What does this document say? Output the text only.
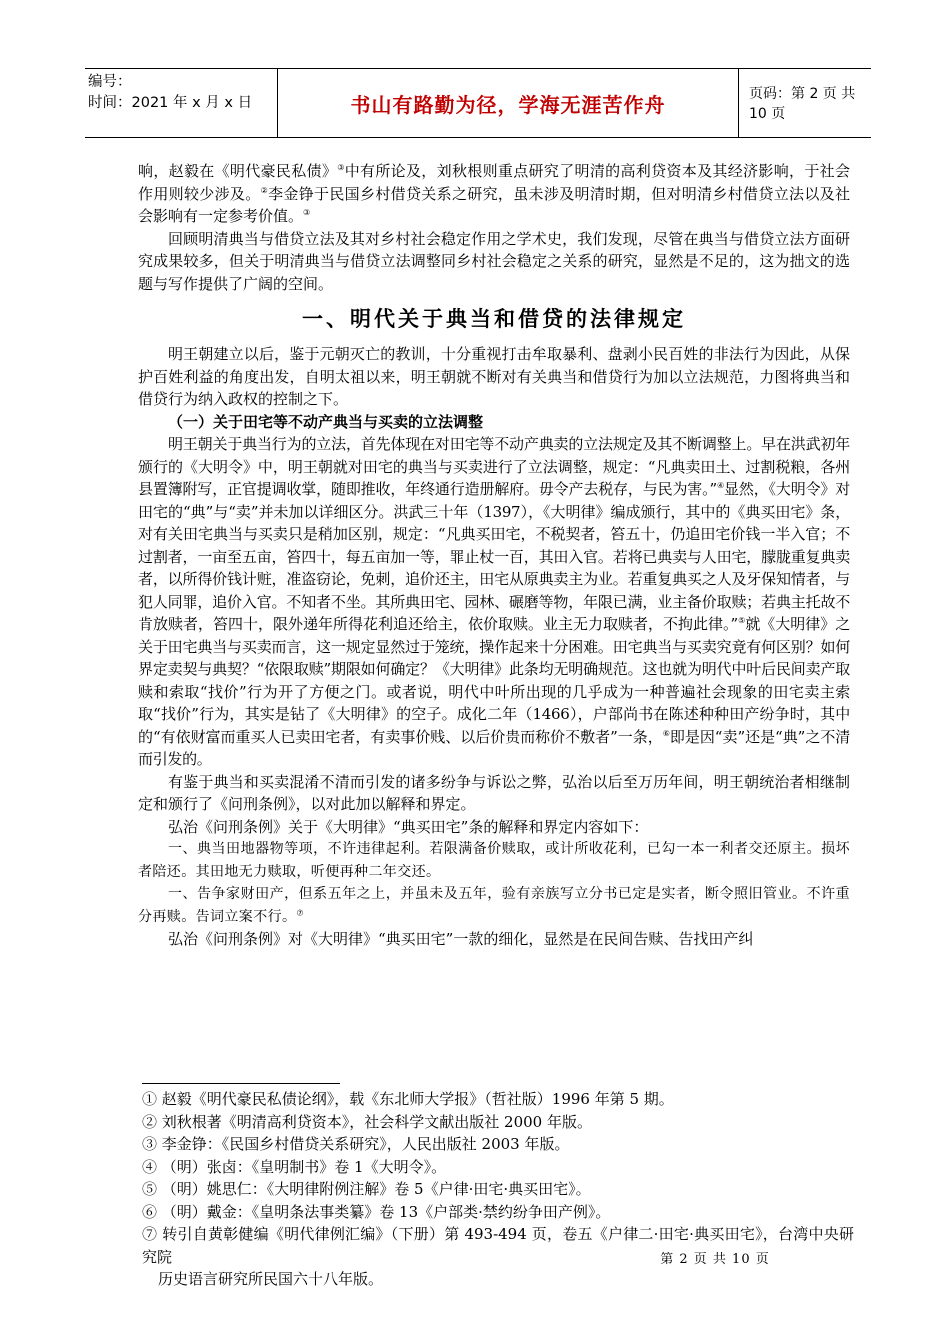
编号：
时间：2021 年 x 月 x 日	书山有路勤为径，学海无涯苦作舟	页码：第 2 页 共 10 页

响，赵毅在《明代豪民私债》③中有所论及，刘秋根则重点研究了明清的高利贷资本及其经济影响，于社会作用则较少涉及。②李金铮于民国乡村借贷关系之研究，虽未涉及明清时期，但对明清乡村借贷立法以及社会影响有一定参考价值。③

回顾明清典当与借贷立法及其对乡村社会稳定作用之学术史，我们发现，尽管在典当与借贷立法方面研究成果较多，但关于明清典当与借贷立法调整同乡村社会稳定之关系的研究，显然是不足的，这为拙文的选题与写作提供了广阔的空间。

一、明代关于典当和借贷的法律规定

明王朝建立以后，鉴于元朝灭亡的教训，十分重视打击牟取暴利、盘剥小民百姓的非法行为因此，从保护百姓利益的角度出发，自明太祖以来，明王朝就不断对有关典当和借贷行为加以立法规范，力图将典当和借贷行为纳入政权的控制之下。

（一）关于田宅等不动产典当与买卖的立法调整

明王朝关于典当行为的立法，首先体现在对田宅等不动产典卖的立法规定及其不断调整上。早在洪武初年颁行的《大明令》中，明王朝就对田宅的典当与买卖进行了立法调整，规定：“凡典卖田土、过割税粮，各州县置簿附写，正官提调收掌，随即推收，年终通行造册解府。毋令产去税存，与民为害。”④显然，《大明令》对田宅的“典”与“卖”并未加以详细区分。洪武三十年（1397），《大明律》编成颁行，其中的《典买田宅》条，对有关田宅典当与买卖只是稍加区别，规定：“凡典买田宅，不税契者，笞五十，仍追田宅价钱一半入官；不过割者，一亩至五亩，笞四十，每五亩加一等，罪止杖一百，其田入官。若将已典卖与人田宅，朦胧重复典卖者，以所得价钱计赃，准盗窃论，免刺，追价还主，田宅从原典卖主为业。若重复典买之人及牙保知情者，与犯人同罪，追价入官。不知者不坐。其所典田宅、园林、碾磨等物，年限已满，业主备价取赎；若典主托故不肯放赎者，笞四十，限外递年所得花利追还给主，依价取赎。业主无力取赎者，不拘此律。”⑤就《大明律》之关于田宅典当与买卖而言，这一规定显然过于笼统，操作起来十分困难。田宅典当与买卖究竟有何区别？如何界定卖契与典契？“依限取赎”期限如何确定？《大明律》此条均无明确规范。这也就为明代中叶后民间卖产取赎和索取“找价”行为开了方便之门。或者说，明代中叶所出现的几乎成为一种普遍社会现象的田宅卖主索取“找价”行为，其实是钻了《大明律》的空子。成化二年（1466），户部尚书在陈述种种田产纷争时，其中的“有依财富而重买人已卖田宅者，有卖事价贱、以后价贵而称价不敷者”一条，⑥即是因“卖”还是“典”之不清而引发的。

有鉴于典当和买卖混淆不清而引发的诸多纷争与诉讼之弊，弘治以后至万历年间，明王朝统治者相继制定和颁行了《问刑条例》，以对此加以解释和界定。

弘治《问刑条例》关于《大明律》“典买田宅”条的解释和界定内容如下：

一、典当田地器物等项，不许违律起利。若限满备价赎取，或计所收花利，已勾一本一利者交还原主。损坏者陪还。其田地无力赎取，听便再种二年交还。

一、告争家财田产，但系五年之上，并虽未及五年，验有亲族写立分书已定是实者，断令照旧管业。不许重分再赎。告词立案不行。⑦

弘治《问刑条例》对《大明律》“典买田宅”一款的细化，显然是在民间告赎、告找田产纠

① 赵毅《明代豪民私债论纲》，载《东北师大学报》（哲社版）1996 年第 5 期。

② 刘秋根著《明清高利贷资本》，社会科学文献出版社 2000 年版。

③ 李金铮：《民国乡村借贷关系研究》，人民出版社 2003 年版。

④ （明）张卤：《皇明制书》卷 1《大明令》。

⑤ （明）姚思仁：《大明律附例注解》卷 5《户律·田宅·典买田宅》。

⑥ （明）戴金：《皇明条法事类纂》卷 13《户部类·禁约纷争田产例》。

⑦ 转引自黄彰健编《明代律例汇编》（下册）第 493-494 页，卷五《户律二·田宅·典买田宅》，台湾中央研究院

历史语言研究所民国六十八年版。

第 2 页 共 10 页
